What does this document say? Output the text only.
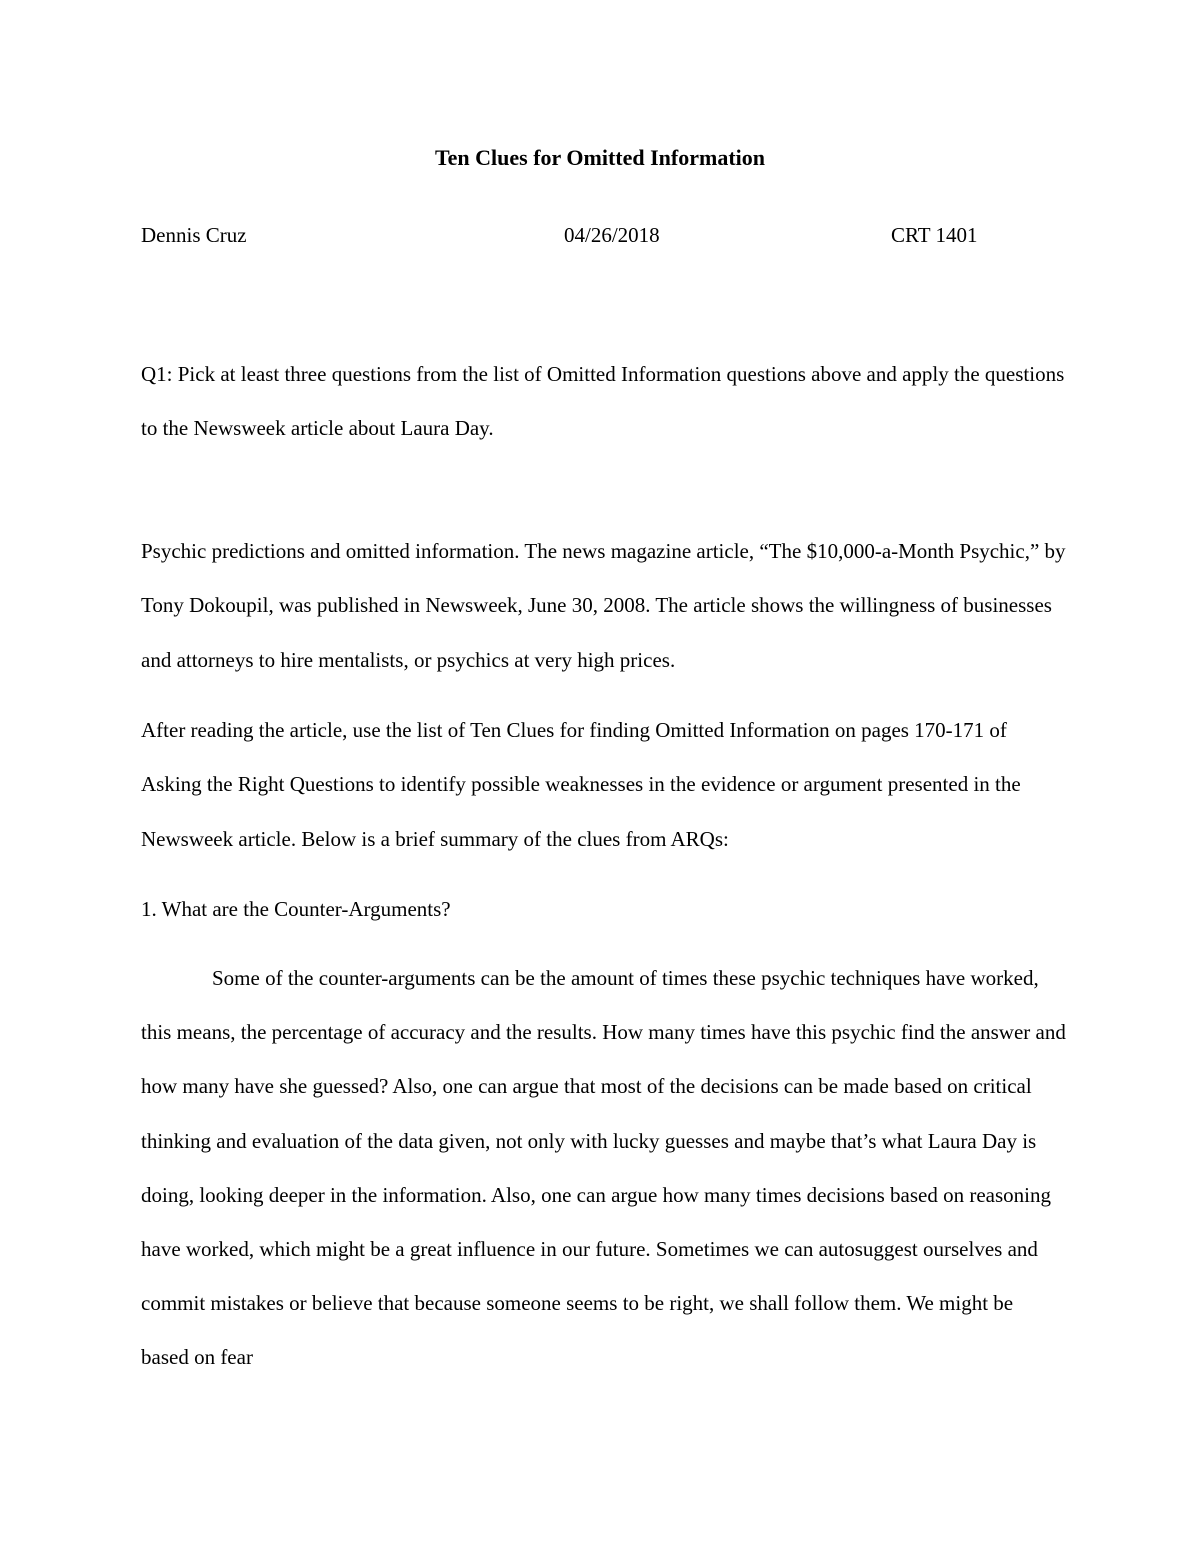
Ten Clues for Omitted Information
Dennis Cruz	04/26/2018	CRT 1401

Q1: Pick at least three questions from the list of Omitted Information questions above and apply the questions to the Newsweek article about Laura Day.

Psychic predictions and omitted information. The news magazine article, “The $10,000-a-Month Psychic,” by Tony Dokoupil, was published in Newsweek, June 30, 2008. The article shows the willingness of businesses and attorneys to hire mentalists, or psychics at very high prices.

After reading the article, use the list of Ten Clues for finding Omitted Information on pages 170-171 of Asking the Right Questions to identify possible weaknesses in the evidence or argument presented in the Newsweek article. Below is a brief summary of the clues from ARQs:

1. What are the Counter-Arguments?

Some of the counter-arguments can be the amount of times these psychic techniques have worked, this means, the percentage of accuracy and the results. How many times have this psychic find the answer and how many have she guessed? Also, one can argue that most of the decisions can be made based on critical thinking and evaluation of the data given, not only with lucky guesses and maybe that’s what Laura Day is doing, looking deeper in the information. Also, one can argue how many times decisions based on reasoning have worked, which might be a great influence in our future. Sometimes we can autosuggest ourselves and commit mistakes or believe that because someone seems to be right, we shall follow them. We might be based on fear
